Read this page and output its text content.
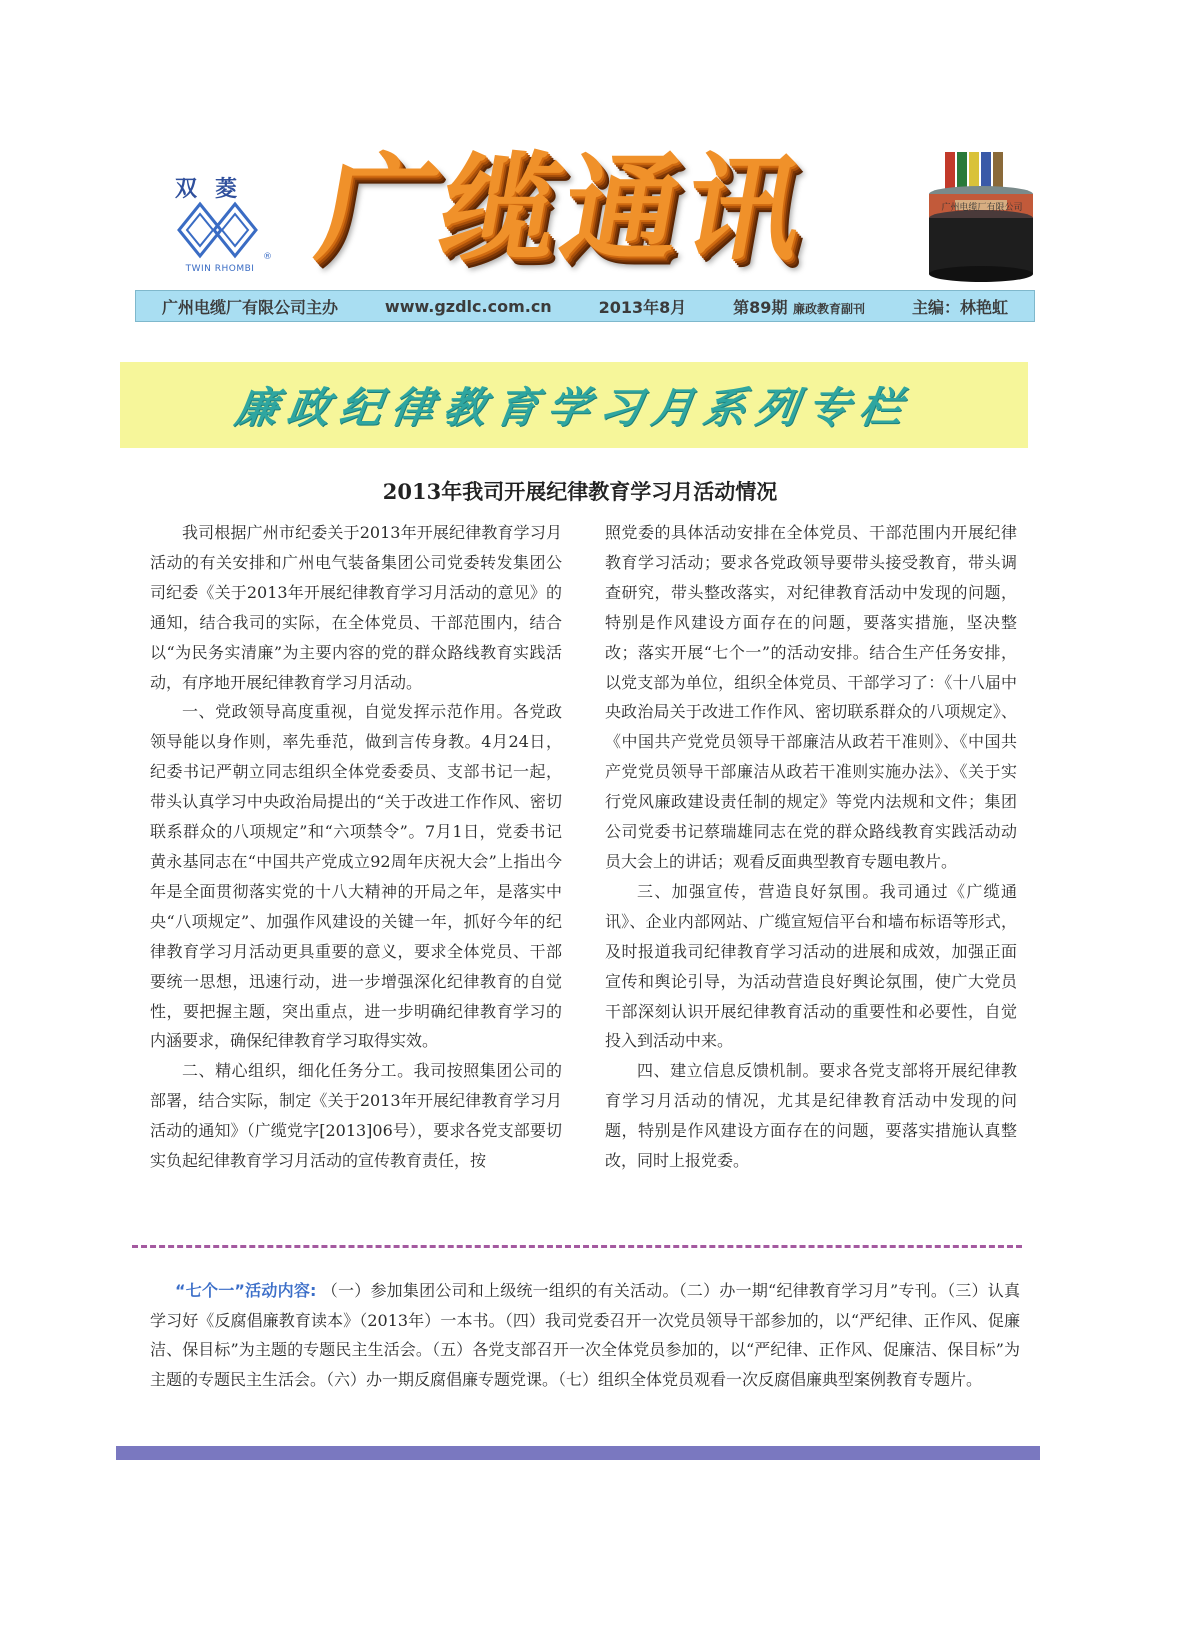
双菱
TWIN RHOMBI
® 广缆通讯	广州电缆厂有限公司
广州电缆厂有限公司主办	www.gzdlc.com.cn	2013年8月	第89期 廉政教育副刊	主编：林艳虹
廉政纪律教育学习月系列专栏
2013年我司开展纪律教育学习月活动情况

我司根据广州市纪委关于2013年开展纪律教育学习月活动的有关安排和广州电气装备集团公司党委转发集团公司纪委《关于2013年开展纪律教育学习月活动的意见》的通知，结合我司的实际，在全体党员、干部范围内，结合以“为民务实清廉”为主要内容的党的群众路线教育实践活动，有序地开展纪律教育学习月活动。

一、党政领导高度重视，自觉发挥示范作用。各党政领导能以身作则，率先垂范，做到言传身教。4月24日，纪委书记严朝立同志组织全体党委委员、支部书记一起，带头认真学习中央政治局提出的“关于改进工作作风、密切联系群众的八项规定”和“六项禁令”。7月1日，党委书记黄永基同志在“中国共产党成立92周年庆祝大会”上指出今年是全面贯彻落实党的十八大精神的开局之年，是落实中央“八项规定”、加强作风建设的关键一年，抓好今年的纪律教育学习月活动更具重要的意义，要求全体党员、干部要统一思想，迅速行动，进一步增强深化纪律教育的自觉性，要把握主题，突出重点，进一步明确纪律教育学习的内涵要求，确保纪律教育学习取得实效。

二、精心组织，细化任务分工。我司按照集团公司的部署，结合实际，制定《关于2013年开展纪律教育学习月活动的通知》（广缆党字[2013]06号），要求各党支部要切实负起纪律教育学习月活动的宣传教育责任，按

照党委的具体活动安排在全体党员、干部范围内开展纪律教育学习活动；要求各党政领导要带头接受教育，带头调查研究，带头整改落实，对纪律教育活动中发现的问题，特别是作风建设方面存在的问题，要落实措施，坚决整改；落实开展“七个一”的活动安排。结合生产任务安排，以党支部为单位，组织全体党员、干部学习了：《十八届中央政治局关于改进工作作风、密切联系群众的八项规定》、《中国共产党党员领导干部廉洁从政若干准则》、《中国共产党党员领导干部廉洁从政若干准则实施办法》、《关于实行党风廉政建设责任制的规定》等党内法规和文件；集团公司党委书记蔡瑞雄同志在党的群众路线教育实践活动动员大会上的讲话；观看反面典型教育专题电教片。

三、加强宣传，营造良好氛围。我司通过《广缆通讯》、企业内部网站、广缆宣短信平台和墙布标语等形式，及时报道我司纪律教育学习活动的进展和成效，加强正面宣传和舆论引导，为活动营造良好舆论氛围，使广大党员干部深刻认识开展纪律教育活动的重要性和必要性，自觉投入到活动中来。

四、建立信息反馈机制。要求各党支部将开展纪律教育学习月活动的情况，尤其是纪律教育活动中发现的问题，特别是作风建设方面存在的问题，要落实措施认真整改，同时上报党委。

“七个一”活动内容: （一）参加集团公司和上级统一组织的有关活动。（二）办一期“纪律教育学习月”专刊。（三）认真学习好《反腐倡廉教育读本》（2013年）一本书。（四）我司党委召开一次党员领导干部参加的，以“严纪律、正作风、促廉洁、保目标”为主题的专题民主生活会。（五）各党支部召开一次全体党员参加的，以“严纪律、正作风、促廉洁、保目标”为主题的专题民主生活会。（六）办一期反腐倡廉专题党课。（七）组织全体党员观看一次反腐倡廉典型案例教育专题片。
